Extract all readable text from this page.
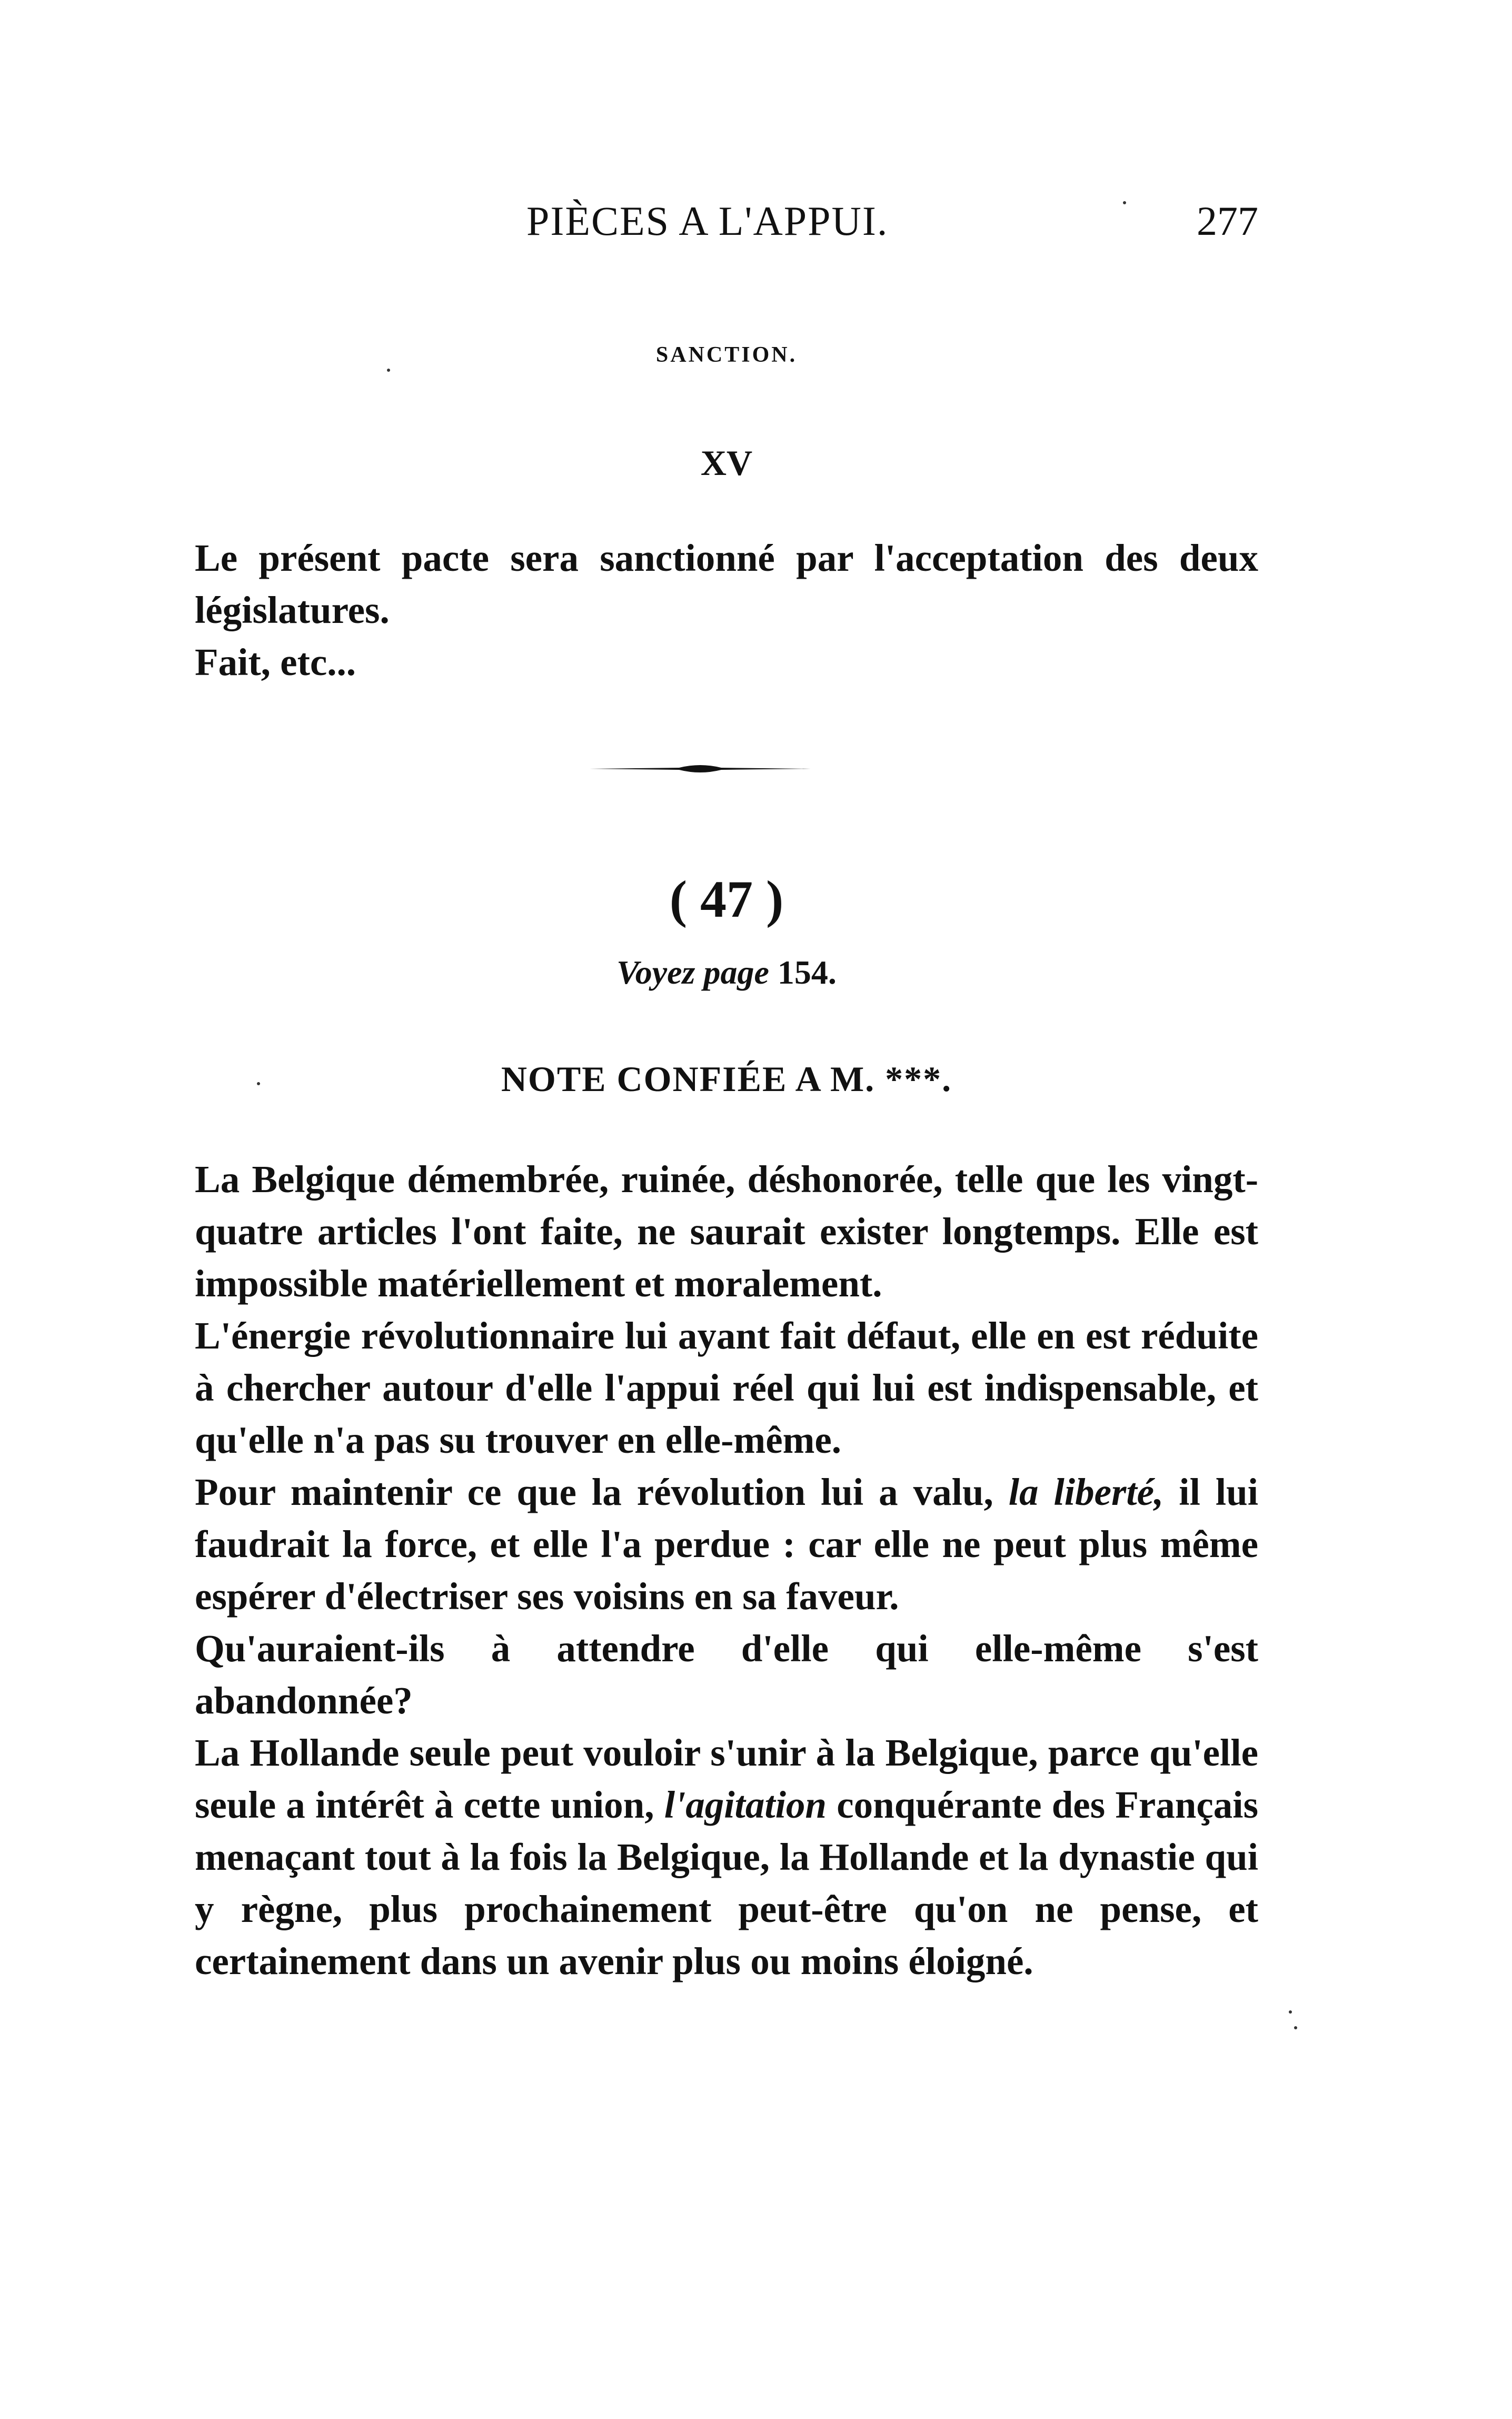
PIÈCES A L'APPUI.	277
SANCTION.
XV

Le présent pacte sera sanctionné par l'acceptation des deux législatures.

Fait, etc...

( 47 )
Voyez page 154.
NOTE CONFIÉE A M. ***.

La Belgique démembrée, ruinée, déshonorée, telle que les vingt-quatre articles l'ont faite, ne saurait exister longtemps. Elle est impossible matériellement et moralement.

L'énergie révolutionnaire lui ayant fait défaut, elle en est réduite à chercher autour d'elle l'appui réel qui lui est indispensable, et qu'elle n'a pas su trouver en elle-même.

Pour maintenir ce que la révolution lui a valu, la liberté, il lui faudrait la force, et elle l'a perdue : car elle ne peut plus même espérer d'électriser ses voisins en sa faveur.

Qu'auraient-ils à attendre d'elle qui elle-même s'est abandonnée?

La Hollande seule peut vouloir s'unir à la Belgique, parce qu'elle seule a intérêt à cette union, l'agitation conquérante des Français menaçant tout à la fois la Belgique, la Hollande et la dynastie qui y règne, plus prochainement peut-être qu'on ne pense, et certainement dans un avenir plus ou moins éloigné.
